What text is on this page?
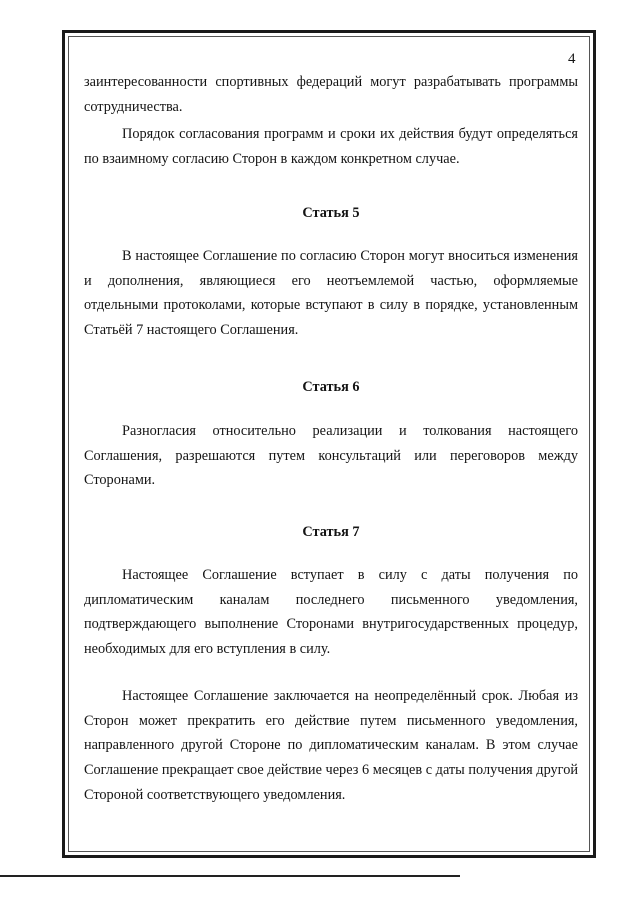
4

заинтересованности спортивных федераций могут разрабатывать программы сотрудничества.

Порядок согласования программ и сроки их действия будут определяться по взаимному согласию Сторон в каждом конкретном случае.

Статья 5

В настоящее Соглашение по согласию Сторон могут вноситься изменения и дополнения, являющиеся его неотъемлемой частью, оформляемые отдельными протоколами, которые вступают в силу в порядке, установленным Статьёй 7 настоящего Соглашения.

Статья 6

Разногласия относительно реализации и толкования настоящего Соглашения, разрешаются путем консультаций или переговоров между Сторонами.

Статья 7

Настоящее Соглашение вступает в силу с даты получения по дипломатическим каналам последнего письменного уведомления, подтверждающего выполнение Сторонами внутригосударственных процедур, необходимых для его вступления в силу.

Настоящее Соглашение заключается на неопределённый срок. Любая из Сторон может прекратить его действие путем письменного уведомления, направленного другой Стороне по дипломатическим каналам. В этом случае Соглашение прекращает свое действие через 6 месяцев с даты получения другой Стороной соответствующего уведомления.
